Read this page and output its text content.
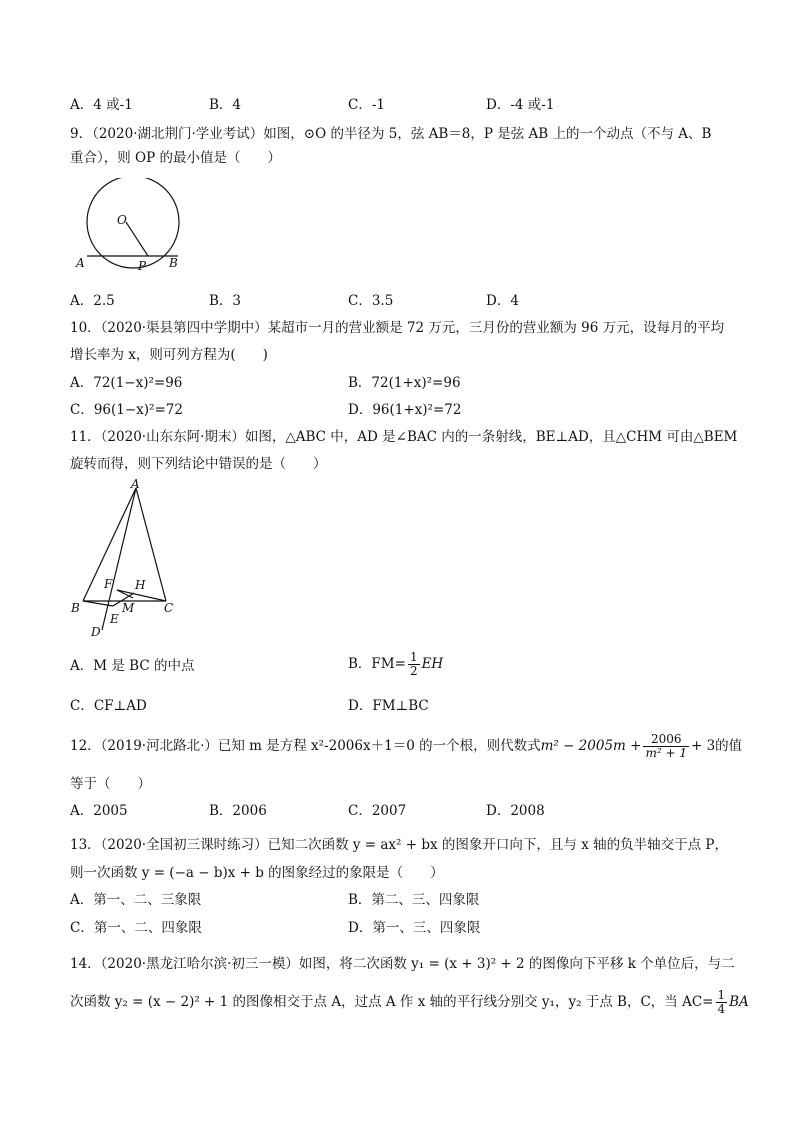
A．4 或-1	B．4	C．-1	D．-4 或-1
9．（2020·湖北荆门·学业考试）如图，⊙O 的半径为 5，弦 AB＝8，P 是弦 AB 上的一个动点（不与 A、B
重合），则 OP 的最小值是（　　）
O
A	P B
A．2.5	B．3	C．3.5	D．4
10．（2020·渠县第四中学期中）某超市一月的营业额是 72 万元，三月份的营业额为 96 万元，设每月的平均
增长率为 x，则可列方程为(　　)
A．72(1−x)²=96	B．72(1+x)²=96
C．96(1−x)²=72	D．96(1+x)²=72
11．（2020·山东东阿·期末）如图，△ABC 中，AD 是∠BAC 内的一条射线，BE⊥AD，且△CHM 可由△BEM
旋转而得，则下列结论中错误的是（　　）
A
F H
B	M C
E
D
A．M 是 BC 的中点	B．$FM= \frac{1}{2}$ EH
C．CF⊥AD	D．FM⊥BC
12．（2019·河北路北·）已知 m 是方程 x²-2006x＋1＝0 的一个根，则代数式$m^2 - 2005m + \frac{2006}{\text{m² + 1}} + 3$的值
等于（　　）
A．2005	B．2006	C．2007	D．2008
13．（2020·全国初三课时练习）已知二次函数 y = ax² + bx 的图象开口向下，且与 x 轴的负半轴交于点 P，
则一次函数 y = (−a − b)x + b 的图象经过的象限是（　　）
A．第一、二、三象限	B．第二、三、四象限
C．第一、二、四象限	D．第一、三、四象限
14．（2020·黑龙江哈尔滨·初三一模）如图，将二次函数 y₁ = (x + 3)² + 2 的图像向下平移 k 个单位后，与二
次函数 y₂ = (x − 2)² + 1 的图像相交于点 A，过点 A 作 x 轴的平行线分别交 y₁，y₂ 于点 B，C，当 $AC= \frac{1}{4}$ BA
